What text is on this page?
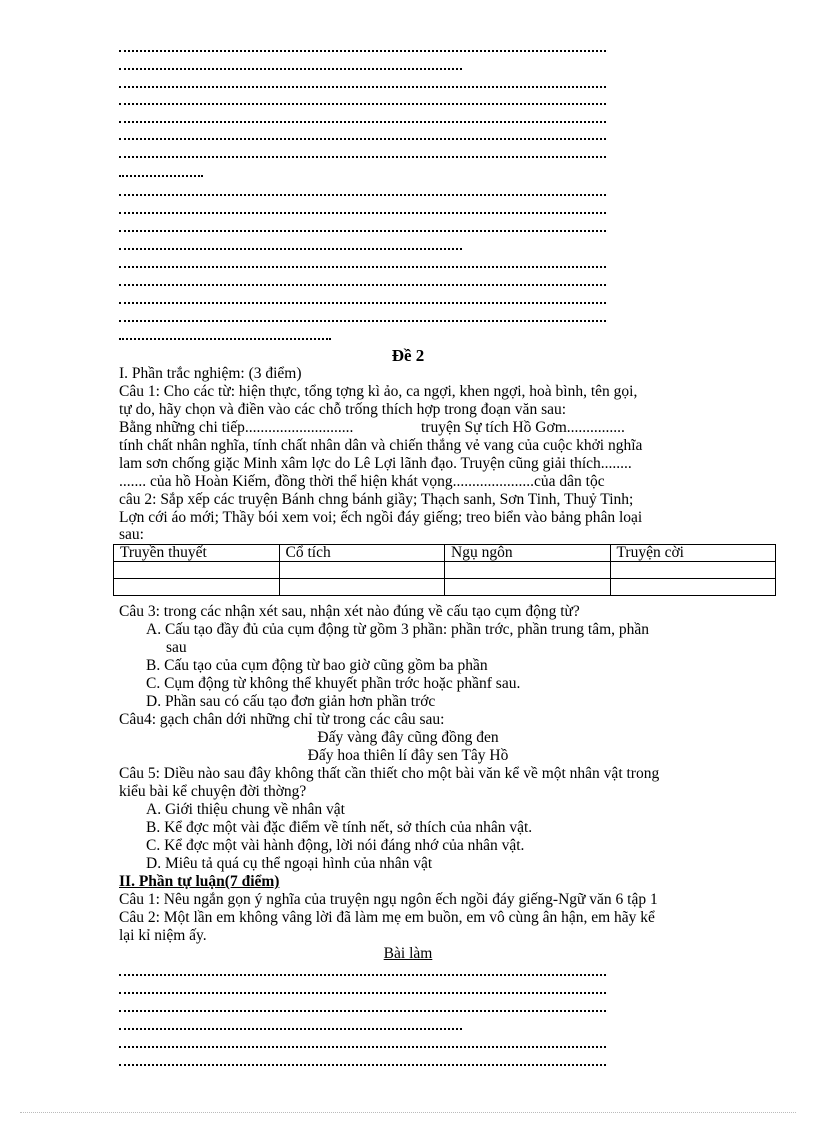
Đề 2
I. Phần trắc nghiệm: (3 điểm)
Câu 1: Cho các từ: hiện thực, tổng tợng kì ảo, ca ngợi, khen ngợi, hoà bình, tên gọi,
tự do, hãy chọn và điền vào các chỗ trống thích hợp trong đoạn văn sau:
Bằng những chi tiếp............................	truyện Sự tích Hồ Gơm...............
tính chất nhân nghĩa, tính chất nhân dân và chiến thắng vẻ vang của cuộc khởi nghĩa
lam sơn chống giặc Minh xâm lợc do Lê Lợi lãnh đạo. Truyện cũng giải thích........
....... của hồ Hoàn Kiếm, đồng thời thể hiện khát vọng.....................của dân tộc
câu 2: Sắp xếp các truyện Bánh chng bánh giầy; Thạch sanh, Sơn Tinh, Thuỷ Tinh;
Lợn cới áo mới; Thầy bói xem voi; ếch ngồi đáy giếng; treo biển vào bảng phân loại
sau:
Truyền thuyết	Cổ tích	Ngụ ngôn	Truyện cời

Câu 3: trong các nhận xét sau, nhận xét nào đúng về cấu tạo cụm động từ?
A. Cấu tạo đầy đủ của cụm động từ gồm 3 phần: phần trớc, phần trung tâm, phần
sau
B. Cấu tạo của cụm động từ bao giờ cũng gồm ba phần
C. Cụm động từ không thể khuyết phần trớc hoặc phầnf sau.
D. Phần sau có cấu tạo đơn giản hơn phần trớc
Câu4: gạch chân dới những chỉ từ trong các câu sau:
Đấy vàng đây cũng đồng đen
Đấy hoa thiên lí đây sen Tây Hồ
Câu 5: Diều nào sau đây không thất cần thiết cho một bài văn kể về một nhân vật trong
kiểu bài kể chuyện đời thờng?
A. Giới thiệu chung về nhân vật
B. Kể đợc một vài đặc điểm về tính nết, sở thích của nhân vật.
C. Kể đợc một vài hành động, lời nói đáng nhớ của nhân vật.
D. Miêu tả quá cụ thể ngoại hình của nhân vật
II. Phần tự luận(7 điểm)
Câu 1: Nêu ngắn gọn ý nghĩa của truyện ngụ ngôn ếch ngồi đáy giếng-Ngữ văn 6 tập 1
Câu 2: Một lần em không vâng lời đã làm mẹ em buồn, em vô cùng ân hận, em hãy kể
lại kỉ niệm ấy.
Bài làm
